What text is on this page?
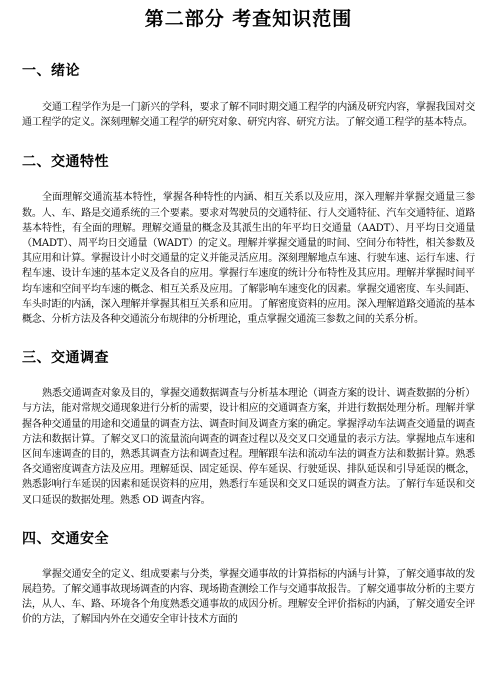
第二部分 考查知识范围
一、绪论

交通工程学作为是一门新兴的学科，要求了解不同时期交通工程学的内涵及研究内容，掌握我国对交通工程学的定义。深刻理解交通工程学的研究对象、研究内容、研究方法。了解交通工程学的基本特点。

二、交通特性

全面理解交通流基本特性，掌握各种特性的内涵、相互关系以及应用，深入理解并掌握交通量三参数。人、车、路是交通系统的三个要素。要求对驾驶员的交通特征、行人交通特征、汽车交通特征、道路基本特性，有全面的理解。理解交通量的概念及其派生出的年平均日交通量（AADT）、月平均日交通量（MADT）、周平均日交通量（WADT）的定义。理解并掌握交通量的时间、空间分布特性，相关参数及其应用和计算。掌握设计小时交通量的定义并能灵活应用。深刻理解地点车速、行驶车速、运行车速、行程车速、设计车速的基本定义及各自的应用。掌握行车速度的统计分布特性及其应用。理解并掌握时间平均车速和空间平均车速的概念、相互关系及应用。了解影响车速变化的因素。掌握交通密度、车头间距、车头时距的内涵，深入理解并掌握其相互关系和应用。了解密度资料的应用。深入理解道路交通流的基本概念、分析方法及各种交通流分布规律的分析理论，重点掌握交通流三参数之间的关系分析。

三、交通调查

熟悉交通调查对象及目的，掌握交通数据调查与分析基本理论（调查方案的设计、调查数据的分析）与方法，能对常规交通现象进行分析的需要，设计相应的交通调查方案，并进行数据处理分析。理解并掌握各种交通量的用途和交通量的调查方法、调查时间及调查方案的确定。掌握浮动车法调查交通量的调查方法和数据计算。了解交叉口的流量流向调查的调查过程以及交叉口交通量的表示方法。掌握地点车速和区间车速调查的目的，熟悉其调查方法和调查过程。理解跟车法和流动车法的调查方法和数据计算。熟悉各交通密度调查方法及应用。理解延误、固定延误、停车延误、行驶延误、排队延误和引导延误的概念，熟悉影响行车延误的因素和延误资料的应用，熟悉行车延误和交叉口延误的调查方法。了解行车延误和交叉口延误的数据处理。熟悉 OD 调查内容。

四、交通安全

掌握交通安全的定义、组成要素与分类，掌握交通事故的计算指标的内涵与计算，了解交通事故的发展趋势。了解交通事故现场调查的内容、现场勘查测绘工作与交通事故报告。了解交通事故分析的主要方法，从人、车、路、环境各个角度熟悉交通事故的成因分析。理解安全评价指标的内涵，了解交通安全评价的方法，了解国内外在交通安全审计技术方面的
